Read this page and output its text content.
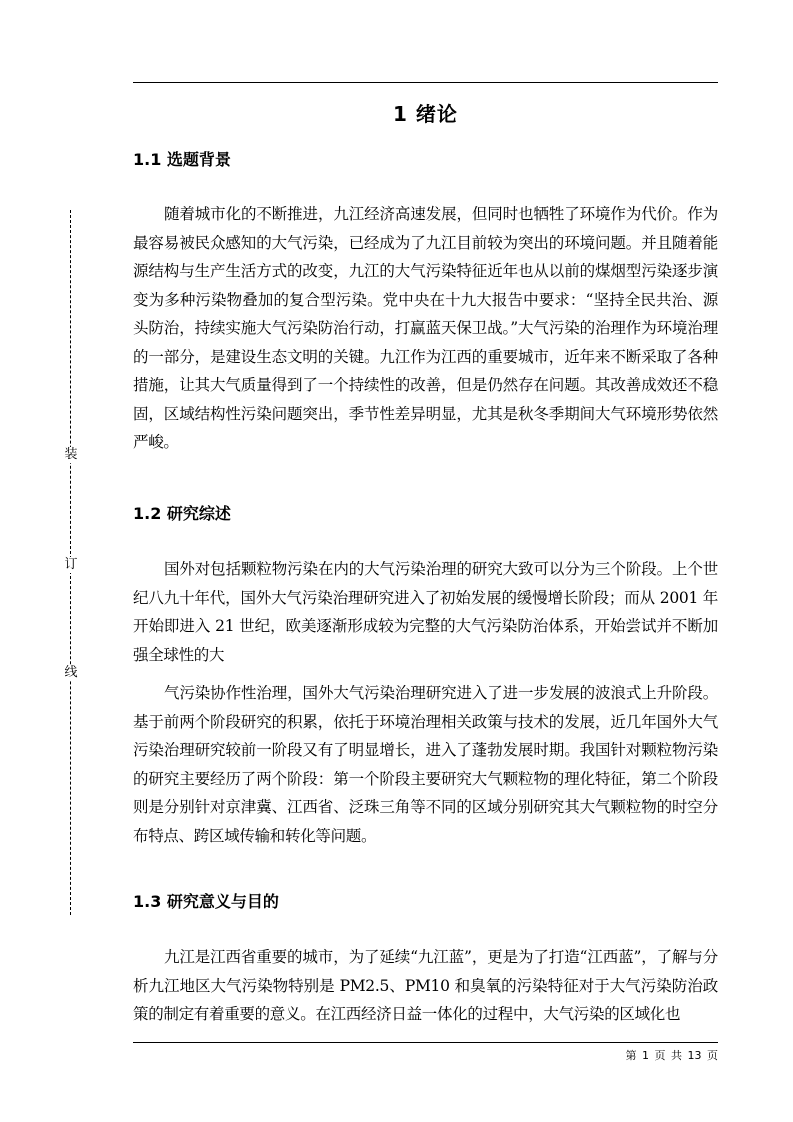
装
订
线
1 绪论
1.1 选题背景

随着城市化的不断推进，九江经济高速发展，但同时也牺牲了环境作为代价。作为最容易被民众感知的大气污染，已经成为了九江目前较为突出的环境问题。并且随着能源结构与生产生活方式的改变，九江的大气污染特征近年也从以前的煤烟型污染逐步演变为多种污染物叠加的复合型污染。党中央在十九大报告中要求：“坚持全民共治、源头防治，持续实施大气污染防治行动，打赢蓝天保卫战。”大气污染的治理作为环境治理的一部分，是建设生态文明的关键。九江作为江西的重要城市，近年来不断采取了各种措施，让其大气质量得到了一个持续性的改善，但是仍然存在问题。其改善成效还不稳固，区域结构性污染问题突出，季节性差异明显，尤其是秋冬季期间大气环境形势依然严峻。

1.2 研究综述

国外对包括颗粒物污染在内的大气污染治理的研究大致可以分为三个阶段。上个世纪八九十年代，国外大气污染治理研究进入了初始发展的缓慢增长阶段；而从 2001 年开始即进入 21 世纪，欧美逐渐形成较为完整的大气污染防治体系，开始尝试并不断加强全球性的大

气污染协作性治理，国外大气污染治理研究进入了进一步发展的波浪式上升阶段。基于前两个阶段研究的积累，依托于环境治理相关政策与技术的发展，近几年国外大气污染治理研究较前一阶段又有了明显增长，进入了蓬勃发展时期。我国针对颗粒物污染的研究主要经历了两个阶段：第一个阶段主要研究大气颗粒物的理化特征，第二个阶段则是分别针对京津冀、江西省、泛珠三角等不同的区域分别研究其大气颗粒物的时空分布特点、跨区域传输和转化等问题。

1.3 研究意义与目的

九江是江西省重要的城市，为了延续“九江蓝”，更是为了打造“江西蓝”，了解与分析九江地区大气污染物特别是 PM2.5、PM10 和臭氧的污染特征对于大气污染防治政策的制定有着重要的意义。在江西经济日益一体化的过程中，大气污染的区域化也

第 1 页 共 13 页
